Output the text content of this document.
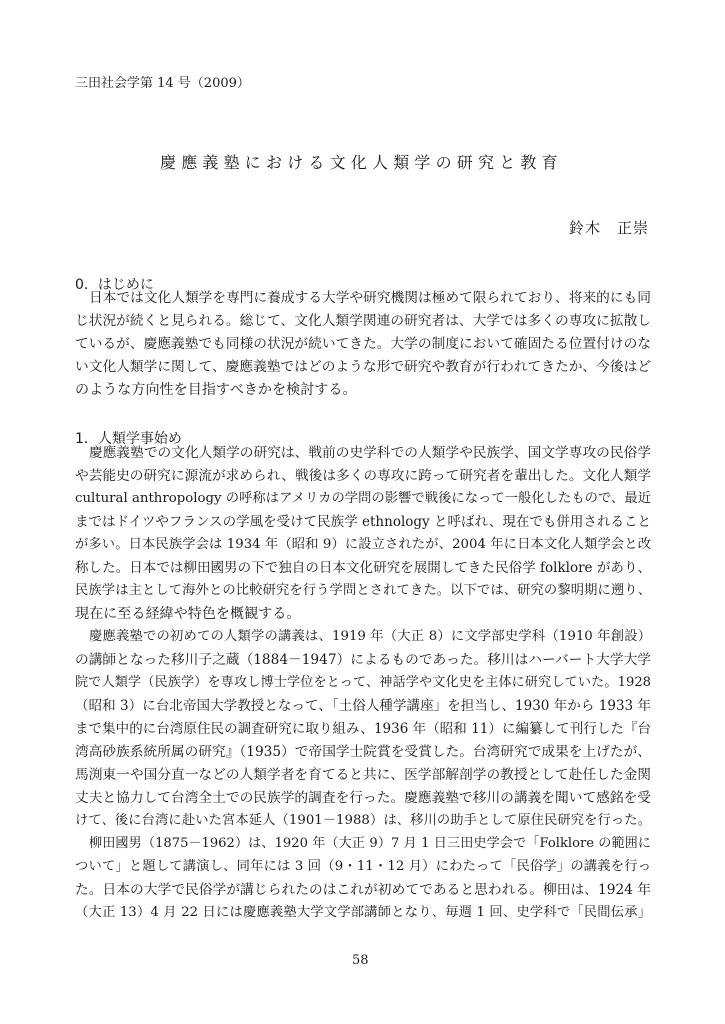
三田社会学第 14 号（2009）
慶應義塾における文化人類学の研究と教育
鈴木　正崇
0．はじめに
日本では文化人類学を専門に養成する大学や研究機関は極めて限られており、将来的にも同
じ状況が続くと見られる。総じて、文化人類学関連の研究者は、大学では多くの専攻に拡散し
ているが、慶應義塾でも同様の状況が続いてきた。大学の制度において確固たる位置付けのな
い文化人類学に関して、慶應義塾ではどのような形で研究や教育が行われてきたか、今後はど
のような方向性を目指すべきかを検討する。
1．人類学事始め
慶應義塾での文化人類学の研究は、戦前の史学科での人類学や民族学、国文学専攻の民俗学
や芸能史の研究に源流が求められ、戦後は多くの専攻に跨って研究者を輩出した。文化人類学
cultural anthropology の呼称はアメリカの学問の影響で戦後になって一般化したもので、最近
まではドイツやフランスの学風を受けて民族学 ethnology と呼ばれ、現在でも併用されること
が多い。日本民族学会は 1934 年（昭和 9）に設立されたが、2004 年に日本文化人類学会と改
称した。日本では柳田國男の下で独自の日本文化研究を展開してきた民俗学 folklore があり、
民族学は主として海外との比較研究を行う学問とされてきた。以下では、研究の黎明期に遡り、
現在に至る経緯や特色を概観する。
慶應義塾での初めての人類学の講義は、1919 年（大正 8）に文学部史学科（1910 年創設）
の講師となった移川子之蔵（1884－1947）によるものであった。移川はハーバート大学大学
院で人類学（民族学）を専攻し博士学位をとって、神話学や文化史を主体に研究していた。1928
（昭和 3）に台北帝国大学教授となって、「土俗人種学講座」を担当し、1930 年から 1933 年
まで集中的に台湾原住民の調査研究に取り組み、1936 年（昭和 11）に編纂して刊行した『台
湾高砂族系統所属の研究』（1935）で帝国学士院賞を受賞した。台湾研究で成果を上げたが、
馬渕東一や国分直一などの人類学者を育てると共に、医学部解剖学の教授として赴任した金関
丈夫と協力して台湾全土での民族学的調査を行った。慶應義塾で移川の講義を聞いて感銘を受
けて、後に台湾に赴いた宮本延人（1901－1988）は、移川の助手として原住民研究を行った。
柳田國男（1875－1962）は、1920 年（大正 9）7 月 1 日三田史学会で「Folklore の範囲に
ついて」と題して講演し、同年には 3 回（9・11・12 月）にわたって「民俗学」の講義を行っ
た。日本の大学で民俗学が講じられたのはこれが初めてであると思われる。柳田は、1924 年
（大正 13）4 月 22 日には慶應義塾大学文学部講師となり、毎週 1 回、史学科で「民間伝承」
58
